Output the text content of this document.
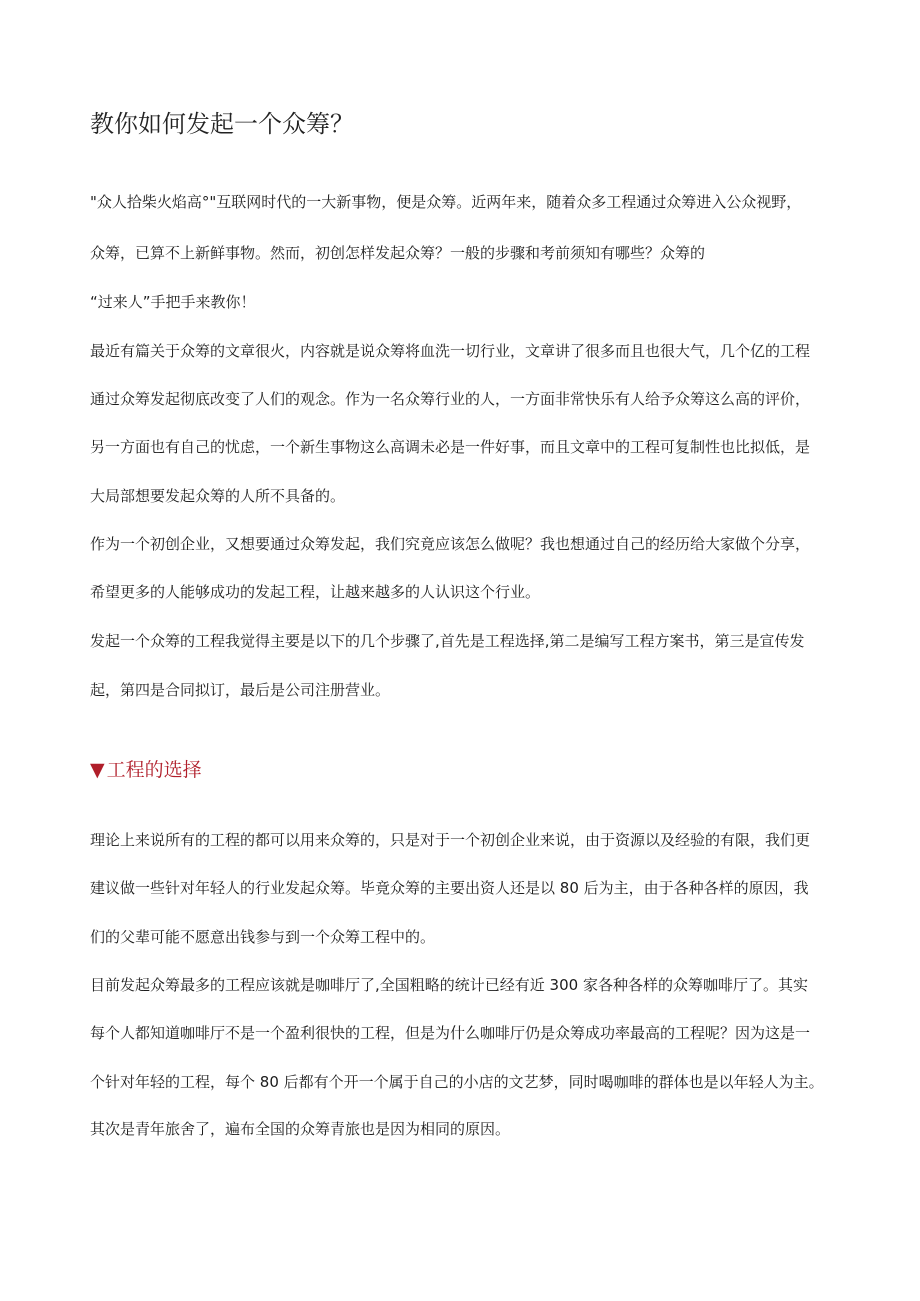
教你如何发起一个众筹？
"众人拾柴火焰高°"互联网时代的一大新事物，便是众筹。近两年来，随着众多工程通过众筹进入公众视野，
众筹，已算不上新鲜事物。然而，初创怎样发起众筹？一般的步骤和考前须知有哪些？众筹的
“过来人”手把手来教你！
最近有篇关于众筹的文章很火，内容就是说众筹将血洗一切行业，文章讲了很多而且也很大气，几个亿的工程
通过众筹发起彻底改变了人们的观念。作为一名众筹行业的人，一方面非常快乐有人给予众筹这么高的评价，
另一方面也有自己的忧虑，一个新生事物这么高调未必是一件好事，而且文章中的工程可复制性也比拟低，是
大局部想要发起众筹的人所不具备的。
作为一个初创企业，又想要通过众筹发起，我们究竟应该怎么做呢？我也想通过自己的经历给大家做个分享，
希望更多的人能够成功的发起工程，让越来越多的人认识这个行业。
发起一个众筹的工程我觉得主要是以下的几个步骤了,首先是工程选择,第二是编写工程方案书，第三是宣传发
起，第四是合同拟订，最后是公司注册营业。
▼ 工程的选择
理论上来说所有的工程的都可以用来众筹的，只是对于一个初创企业来说，由于资源以及经验的有限，我们更
建议做一些针对年轻人的行业发起众筹。毕竟众筹的主要出资人还是以 80 后为主，由于各种各样的原因，我
们的父辈可能不愿意出钱参与到一个众筹工程中的。
目前发起众筹最多的工程应该就是咖啡厅了,全国粗略的统计已经有近 300 家各种各样的众筹咖啡厅了。其实
每个人都知道咖啡厅不是一个盈利很快的工程，但是为什么咖啡厅仍是众筹成功率最高的工程呢？因为这是一
个针对年轻的工程，每个 80 后都有个开一个属于自己的小店的文艺梦，同时喝咖啡的群体也是以年轻人为主。
其次是青年旅舍了，遍布全国的众筹青旅也是因为相同的原因。
